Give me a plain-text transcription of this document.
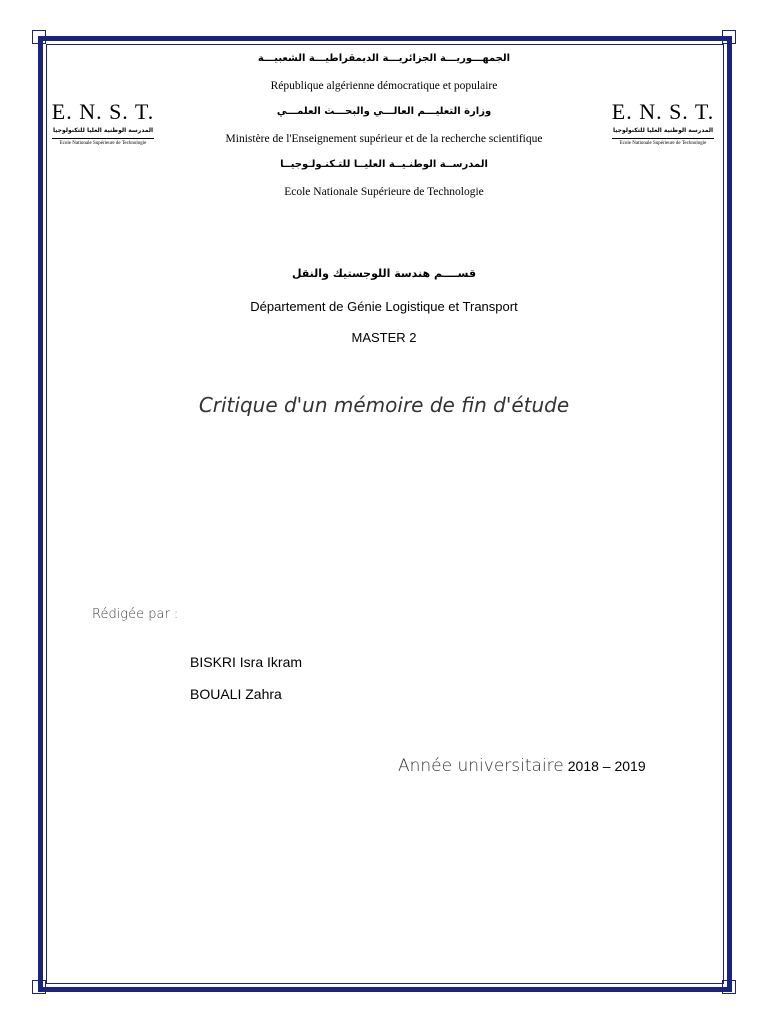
الجمهـــوريـــة الجزائريـــة الديمقراطيـــة الشعبيـــة
République algérienne démocratique et populaire
وزارة التعليـــم العالـــي والبحـــث العلمـــي
Ministère de l'Enseignement supérieur et de la recherche scientifique
المدرســة الوطنـيــة العليــا للتـكنـولـوجيــا
Ecole Nationale Supérieure de Technologie
E. N. S. T.
المدرسة الوطنية العليا للتكنولوجيا
Ecole Nationale Supérieure de Technologie
E. N. S. T.
المدرسة الوطنية العليا للتكنولوجيا
Ecole Nationale Supérieure de Technologie
قســــم هندسة اللوجستيك والنقل
Département de Génie Logistique et Transport
MASTER 2
Critique d'un mémoire de fin d'étude
Rédigée par :
BISKRI Isra Ikram
BOUALI Zahra
Année universitaire 2018 – 2019
